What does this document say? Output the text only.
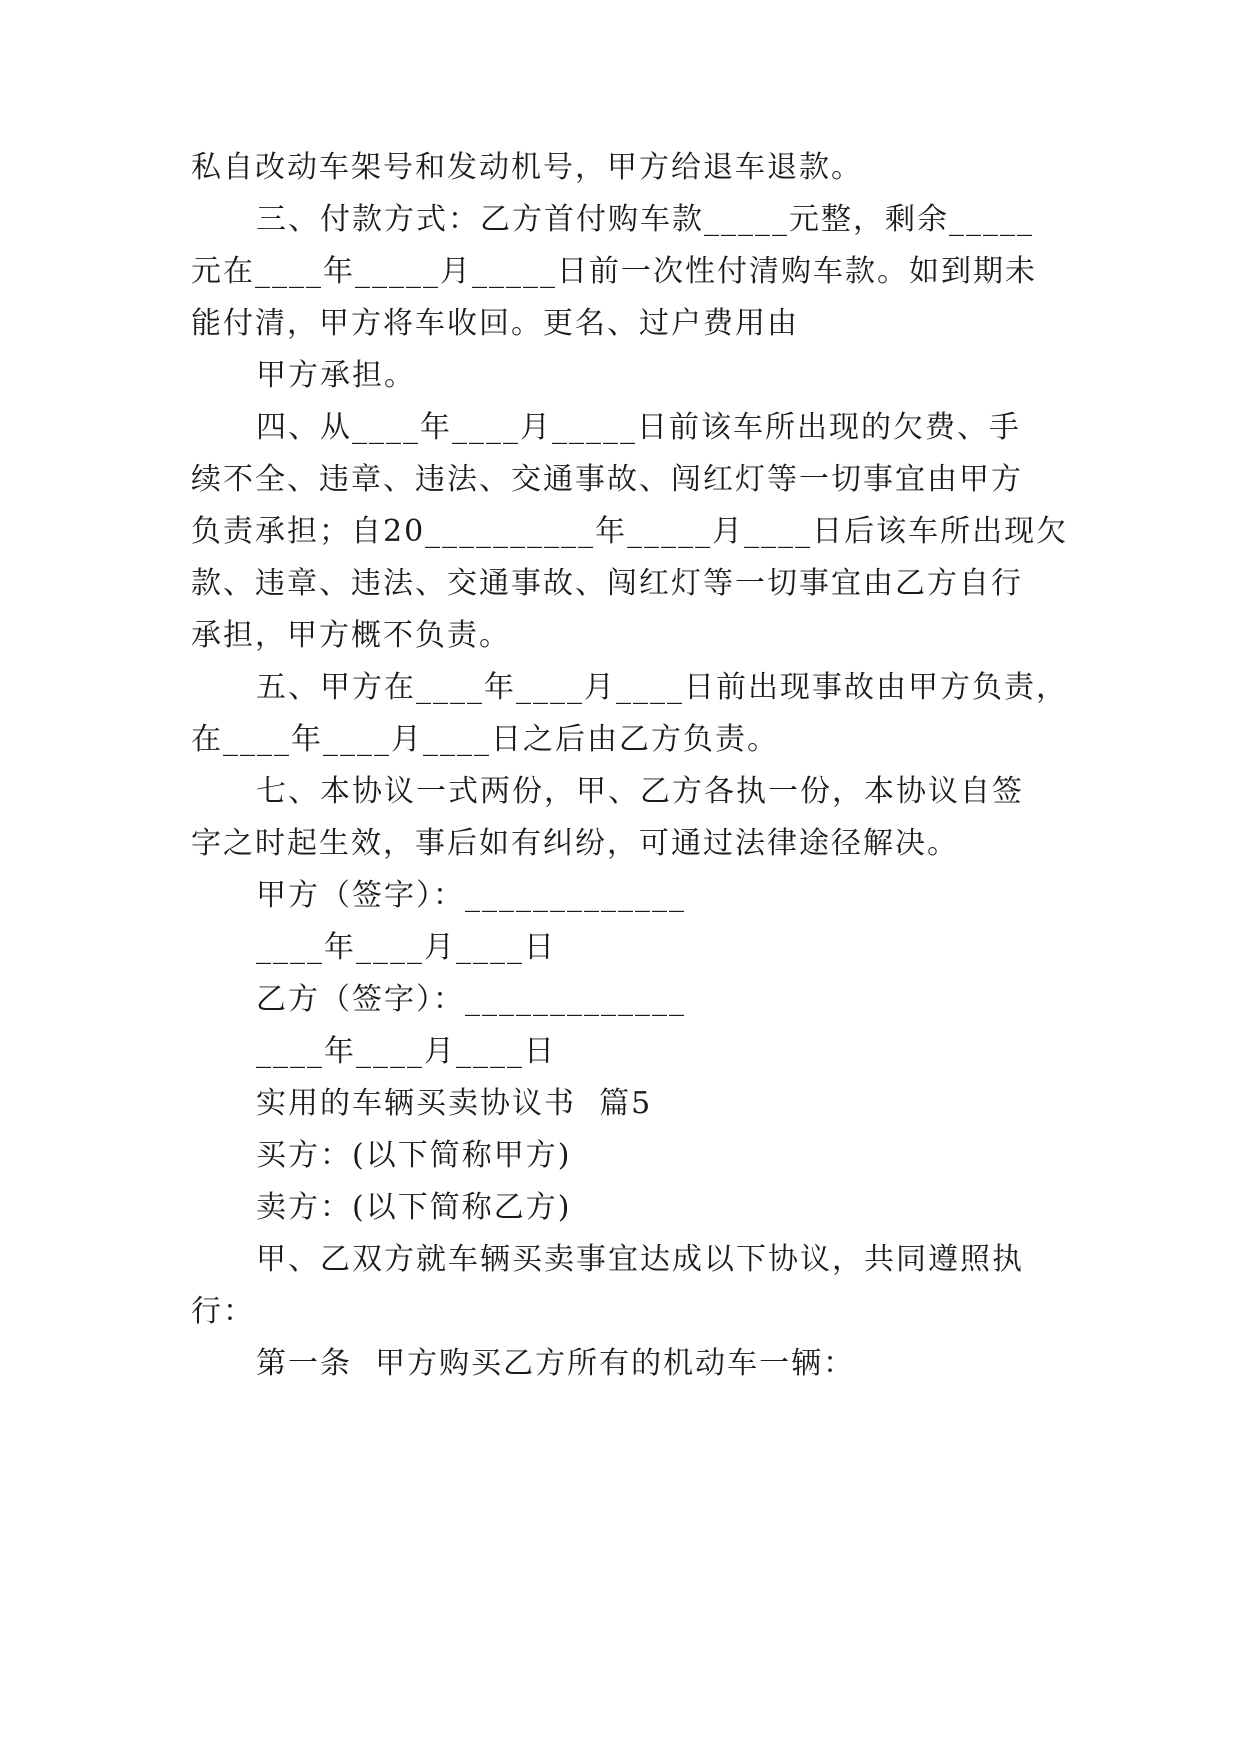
私自改动车架号和发动机号，甲方给退车退款。
三、付款方式：乙方首付购车款_____元整，剩余_____
元在____年_____月_____日前一次性付清购车款。如到期未
能付清，甲方将车收回。更名、过户费用由
甲方承担。
四、从____年____月_____日前该车所出现的欠费、手
续不全、违章、违法、交通事故、闯红灯等一切事宜由甲方
负责承担；自20__________年_____月____日后该车所出现欠
款、违章、违法、交通事故、闯红灯等一切事宜由乙方自行
承担，甲方概不负责。
五、甲方在____年____月____日前出现事故由甲方负责，
在____年____月____日之后由乙方负责。
七、本协议一式两份，甲、乙方各执一份，本协议自签
字之时起生效，事后如有纠纷，可通过法律途径解决。
甲方（签字）：_____________
____年____月____日
乙方（签字）：_____________
____年____月____日
实用的车辆买卖协议书  篇5
买方：(以下简称甲方)
卖方：(以下简称乙方)
甲、乙双方就车辆买卖事宜达成以下协议，共同遵照执
行：
第一条  甲方购买乙方所有的机动车一辆：
